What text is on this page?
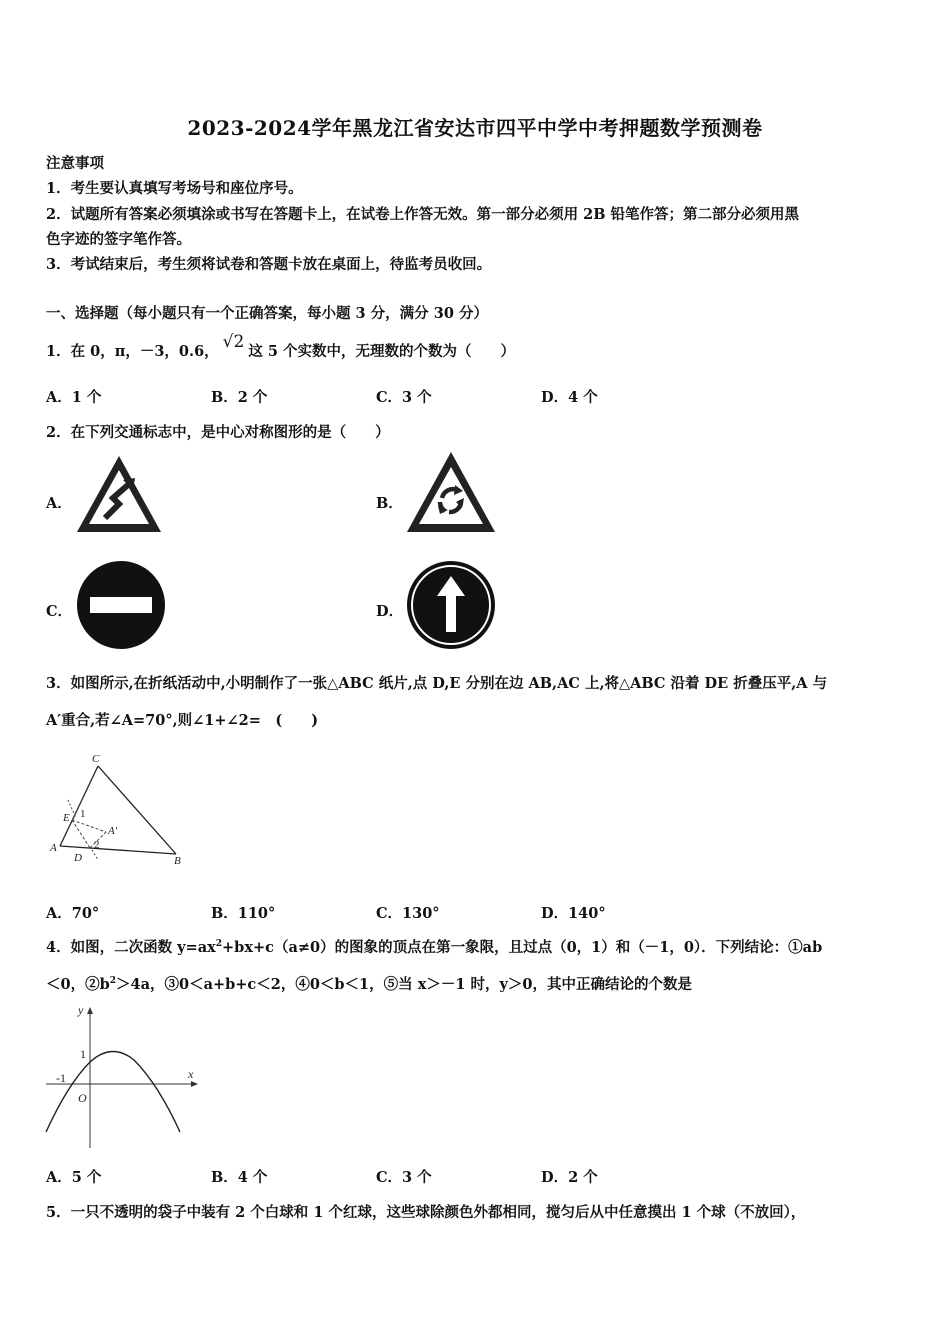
2023-2024学年黑龙江省安达市四平中学中考押题数学预测卷
注意事项
1．考生要认真填写考场号和座位序号。
2．试题所有答案必须填涂或书写在答题卡上，在试卷上作答无效。第一部分必须用 2B 铅笔作答；第二部分必须用黑
色字迹的签字笔作答。
3．考试结束后，考生须将试卷和答题卡放在桌面上，待监考员收回。
一、选择题（每小题只有一个正确答案，每小题 3 分，满分 30 分）
1．在 0，π，－3，0.6， √2 这 5 个实数中，无理数的个数为（　　）
A．1 个	B．2 个	C．3 个	D．4 个
2．在下列交通标志中，是中心对称图形的是（　　）
A．	B．
C．	D．
3．如图所示,在折纸活动中,小明制作了一张△ABC 纸片,点 D,E 分别在边 AB,AC 上,将△ABC 沿着 DE 折叠压平,A 与
A′重合,若∠A=70°,则∠1+∠2=　(　　)
C
E 1
A'
2
A
D	B
A．70°	B．110°	C．130°	D．140°
4．如图，二次函数 $y=ax^2+bx+c(a\ne 0)$的图象的顶点在第一象限，且过点（0，1）和（－1，0）．下列结论：①ab
＜0，$②b^2>4a$，③0＜a+b+c＜2，④0＜b＜1，⑤当 x＞－1 时，y＞0，其中正确结论的个数是
y
1
-1	x
O
A．5 个	B．4 个	C．3 个	D．2 个
5．一只不透明的袋子中装有 2 个白球和 1 个红球，这些球除颜色外都相同，搅匀后从中任意摸出 1 个球（不放回），
